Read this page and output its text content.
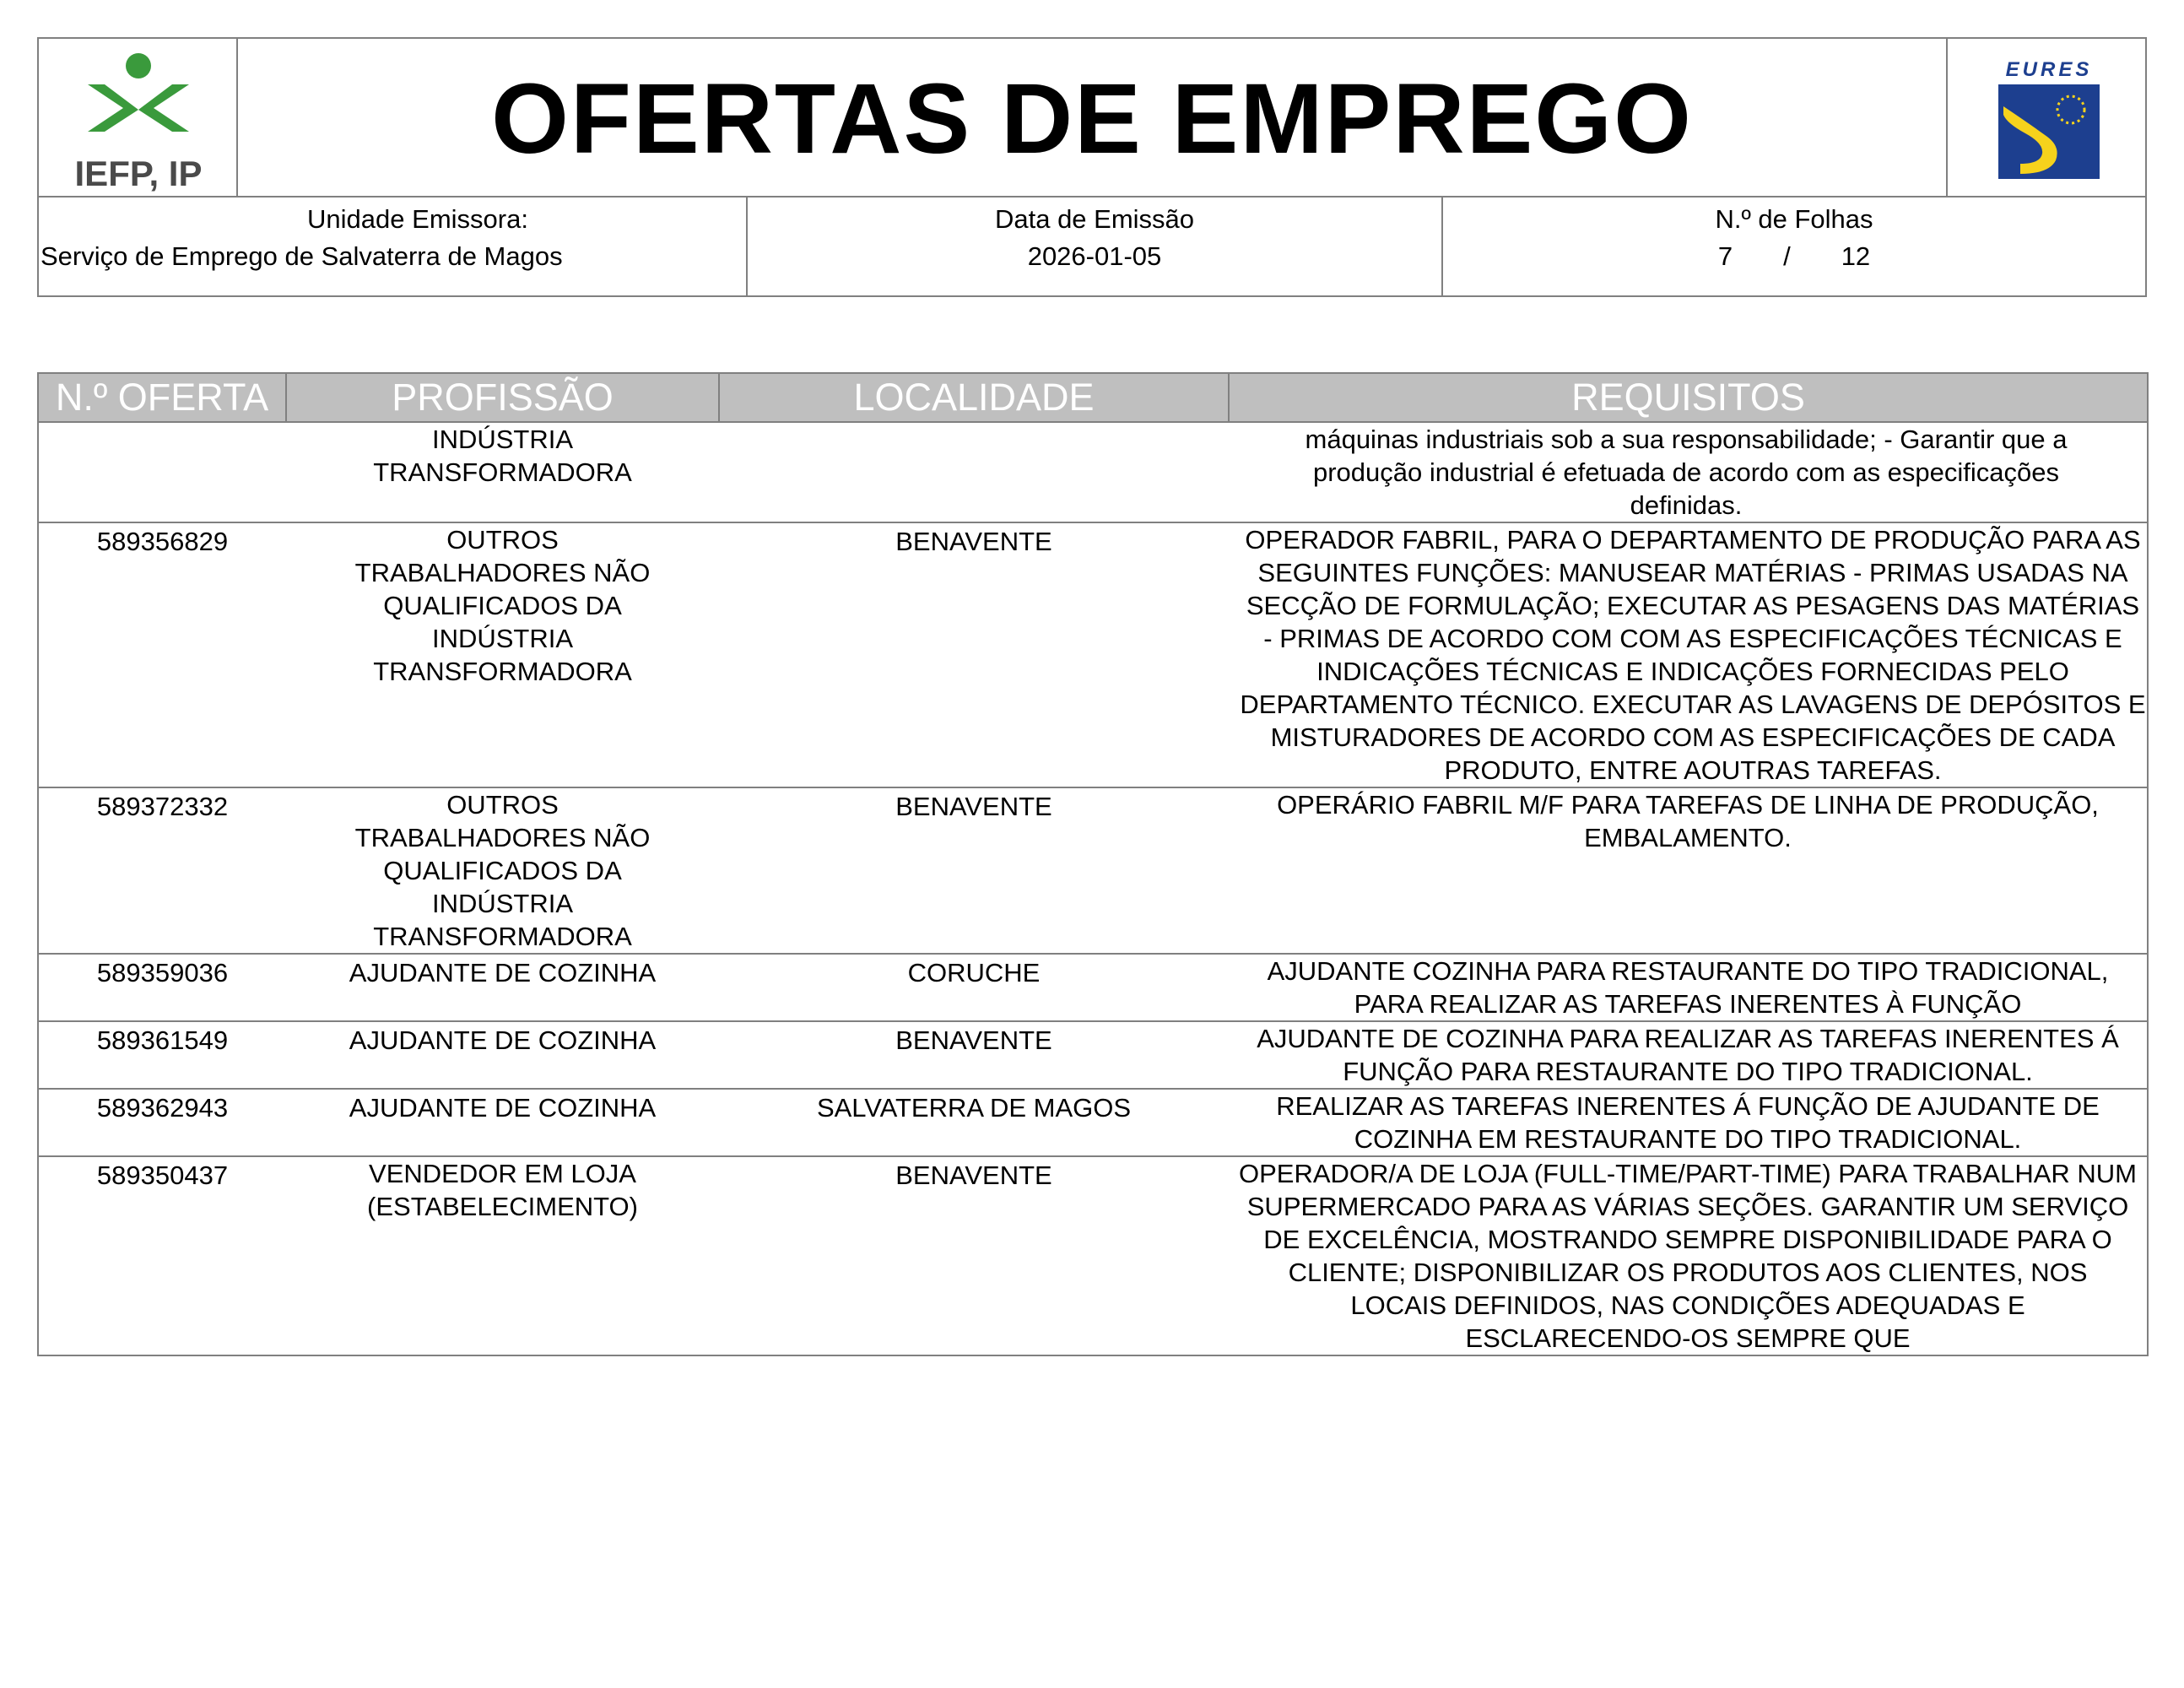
IEFP, IP	OFERTAS DE EMPREGO	EURES
Unidade Emissora:
Serviço de Emprego de Salvaterra de Magos
Data de Emissão
2026-01-05
N.º de Folhas
7 / 12
N.º OFERTA	PROFISSÃO	LOCALIDADE	REQUISITOS
	INDÚSTRIA TRANSFORMADORA		máquinas industriais sob a sua responsabilidade; - Garantir que a produção industrial é efetuada de acordo com as especificações definidas.
589356829	OUTROS TRABALHADORES NÃO QUALIFICADOS DA INDÚSTRIA TRANSFORMADORA	BENAVENTE	OPERADOR FABRIL, PARA O DEPARTAMENTO DE PRODUÇÃO PARA AS SEGUINTES FUNÇÕES: MANUSEAR MATÉRIAS - PRIMAS USADAS NA SECÇÃO DE FORMULAÇÃO; EXECUTAR AS PESAGENS DAS MATÉRIAS - PRIMAS DE ACORDO COM COM AS ESPECIFICAÇÕES TÉCNICAS E INDICAÇÕES TÉCNICAS E INDICAÇÕES FORNECIDAS PELO DEPARTAMENTO TÉCNICO. EXECUTAR AS LAVAGENS DE DEPÓSITOS E MISTURADORES DE ACORDO COM AS ESPECIFICAÇÕES DE CADA PRODUTO, ENTRE AOUTRAS TAREFAS.
589372332	OUTROS TRABALHADORES NÃO QUALIFICADOS DA INDÚSTRIA TRANSFORMADORA	BENAVENTE	OPERÁRIO FABRIL M/F PARA TAREFAS DE LINHA DE PRODUÇÃO, EMBALAMENTO.
589359036	AJUDANTE DE COZINHA	CORUCHE	AJUDANTE COZINHA PARA RESTAURANTE DO TIPO TRADICIONAL, PARA REALIZAR AS TAREFAS INERENTES À FUNÇÃO
589361549	AJUDANTE DE COZINHA	BENAVENTE	AJUDANTE DE COZINHA PARA REALIZAR AS TAREFAS INERENTES Á FUNÇÃO PARA RESTAURANTE DO TIPO TRADICIONAL.
589362943	AJUDANTE DE COZINHA	SALVATERRA DE MAGOS	REALIZAR AS TAREFAS INERENTES Á FUNÇÃO DE AJUDANTE DE COZINHA EM RESTAURANTE DO TIPO TRADICIONAL.
589350437	VENDEDOR EM LOJA (ESTABELECIMENTO)	BENAVENTE	OPERADOR/A DE LOJA (FULL-TIME/PART-TIME) PARA TRABALHAR NUM SUPERMERCADO PARA AS VÁRIAS SEÇÕES. GARANTIR UM SERVIÇO DE EXCELÊNCIA, MOSTRANDO SEMPRE DISPONIBILIDADE PARA O CLIENTE; DISPONIBILIZAR OS PRODUTOS AOS CLIENTES, NOS LOCAIS DEFINIDOS, NAS CONDIÇÕES ADEQUADAS E ESCLARECENDO-OS SEMPRE QUE
